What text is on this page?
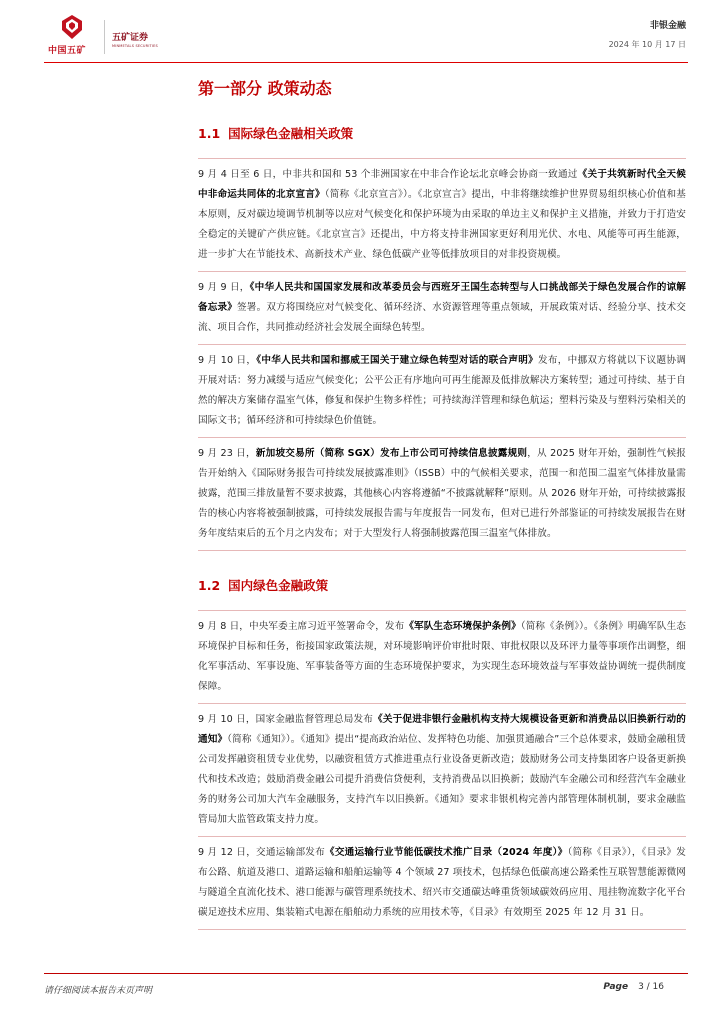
中国五矿
五矿证券
MINMETALS SECURITIES
非银金融
2024 年 10 月 17 日
第一部分 政策动态
1.1 国际绿色金融相关政策

9 月 4 日至 6 日，中非共和国和 53 个非洲国家在中非合作论坛北京峰会协商一致通过《关于共筑新时代全天候中非命运共同体的北京宣言》（简称《北京宣言》）。《北京宣言》提出，中非将继续维护世界贸易组织核心价值和基本原则，反对碳边境调节机制等以应对气候变化和保护环境为由采取的单边主义和保护主义措施，并致力于打造安全稳定的关键矿产供应链。《北京宣言》还提出，中方将支持非洲国家更好利用光伏、水电、风能等可再生能源，进一步扩大在节能技术、高新技术产业、绿色低碳产业等低排放项目的对非投资规模。

9 月 9 日，《中华人民共和国国家发展和改革委员会与西班牙王国生态转型与人口挑战部关于绿色发展合作的谅解备忘录》签署。双方将围绕应对气候变化、循环经济、水资源管理等重点领域，开展政策对话、经验分享、技术交流、项目合作，共同推动经济社会发展全面绿色转型。

9 月 10 日，《中华人民共和国和挪威王国关于建立绿色转型对话的联合声明》发布，中挪双方将就以下议题协调开展对话：努力减缓与适应气候变化；公平公正有序地向可再生能源及低排放解决方案转型；通过可持续、基于自然的解决方案储存温室气体，修复和保护生物多样性；可持续海洋管理和绿色航运；塑料污染及与塑料污染相关的国际文书；循环经济和可持续绿色价值链。

9 月 23 日，新加坡交易所（简称 SGX）发布上市公司可持续信息披露规则，从 2025 财年开始，强制性气候报告开始纳入《国际财务报告可持续发展披露准则》（ISSB）中的气候相关要求，范围一和范围二温室气体排放量需披露，范围三排放量暂不要求披露，其他核心内容将遵循“不披露就解释”原则。从 2026 财年开始，可持续披露报告的核心内容将被强制披露，可持续发展报告需与年度报告一同发布，但对已进行外部鉴证的可持续发展报告在财务年度结束后的五个月之内发布；对于大型发行人将强制披露范围三温室气体排放。

1.2 国内绿色金融政策

9 月 8 日，中央军委主席习近平签署命令，发布《军队生态环境保护条例》（简称《条例》）。《条例》明确军队生态环境保护目标和任务，衔接国家政策法规，对环境影响评价审批时限、审批权限以及环评力量等事项作出调整，细化军事活动、军事设施、军事装备等方面的生态环境保护要求，为实现生态环境效益与军事效益协调统一提供制度保障。

9 月 10 日，国家金融监督管理总局发布《关于促进非银行金融机构支持大规模设备更新和消费品以旧换新行动的通知》（简称《通知》）。《通知》提出“提高政治站位、发挥特色功能、加强贯通融合”三个总体要求，鼓励金融租赁公司发挥融资租赁专业优势，以融资租赁方式推进重点行业设备更新改造；鼓励财务公司支持集团客户设备更新换代和技术改造；鼓励消费金融公司提升消费信贷便利，支持消费品以旧换新；鼓励汽车金融公司和经营汽车金融业务的财务公司加大汽车金融服务，支持汽车以旧换新。《通知》要求非银机构完善内部管理体制机制，要求金融监管局加大监管政策支持力度。

9 月 12 日，交通运输部发布《交通运输行业节能低碳技术推广目录（2024 年度）》（简称《目录》），《目录》发布公路、航道及港口、道路运输和船舶运输等 4 个领域 27 项技术，包括绿色低碳高速公路柔性互联智慧能源微网与隧道全直流化技术、港口能源与碳管理系统技术、绍兴市交通碳达峰重货领域碳效码应用、甩挂物流数字化平台碳足迹技术应用、集装箱式电源在船舶动力系统的应用技术等，《目录》有效期至 2025 年 12 月 31 日。

请仔细阅读本报告末页声明	Page 3 / 16
